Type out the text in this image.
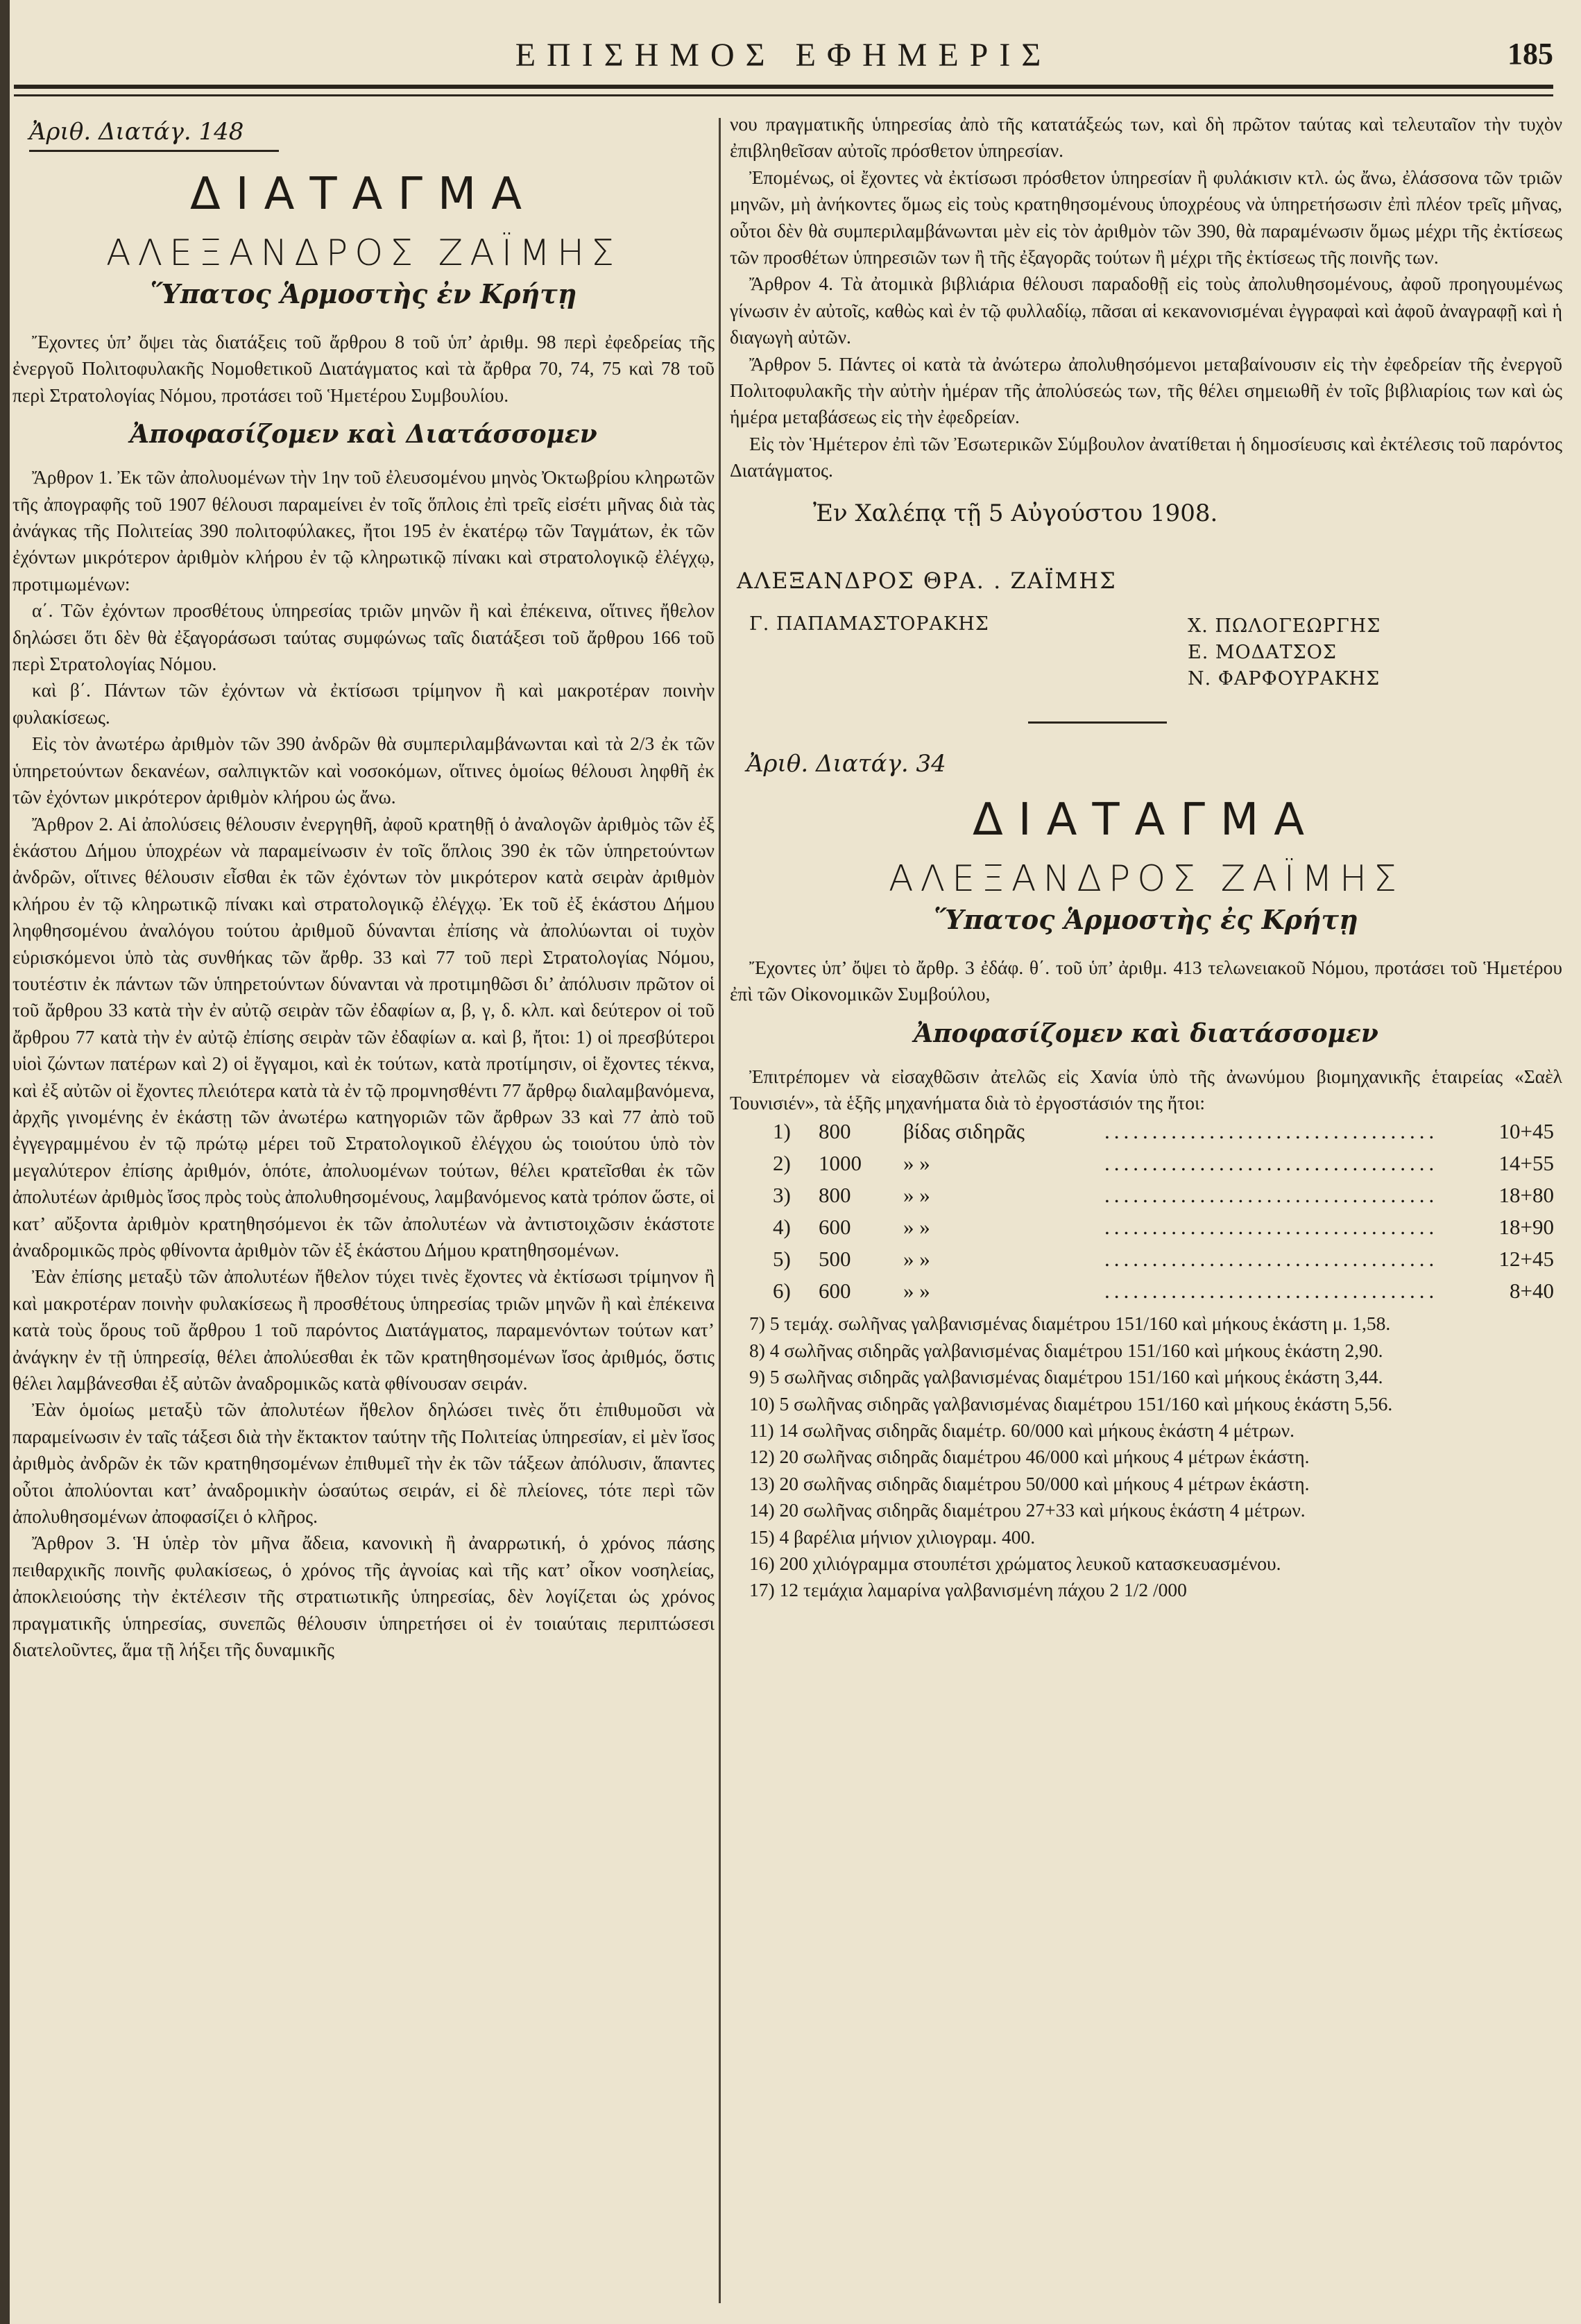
ΕΠΙΣΗΜΟΣ ΕΦΗΜΕΡΙΣ	185
Ἀριθ. Διατάγ. 148
ΔΙΑΤΑΓΜΑ
ΑΛΕΞΑΝΔΡΟΣ ΖΑΪΜΗΣ
Ὕπατος Ἁρμοστὴς ἐν Κρήτῃ

Ἔχοντες ὑπ’ ὄψει τὰς διατάξεις τοῦ ἄρθρου 8 τοῦ ὑπ’ ἀριθμ. 98 περὶ ἐφεδρείας τῆς ἐνεργοῦ Πολιτοφυλακῆς Νομοθετικοῦ Διατάγματος καὶ τὰ ἄρθρα 70, 74, 75 καὶ 78 τοῦ περὶ Στρατολογίας Νόμου, προτάσει τοῦ Ἡμετέρου Συμβουλίου.

Ἀποφασίζομεν καὶ Διατάσσομεν

Ἄρθρον 1. Ἐκ τῶν ἀπολυομένων τὴν 1ην τοῦ ἐλευσομένου μηνὸς Ὀκτωβρίου κληρωτῶν τῆς ἀπογραφῆς τοῦ 1907 θέλουσι παραμείνει ἐν τοῖς ὅπλοις ἐπὶ τρεῖς εἰσέτι μῆνας διὰ τὰς ἀνάγκας τῆς Πολιτείας 390 πολιτοφύλακες, ἤτοι 195 ἐν ἑκατέρῳ τῶν Ταγμάτων, ἐκ τῶν ἐχόντων μικρότερον ἀριθμὸν κλήρου ἐν τῷ κληρωτικῷ πίνακι καὶ στρατολογικῷ ἐλέγχῳ, προτιμωμένων:

α΄. Τῶν ἐχόντων προσθέτους ὑπηρεσίας τριῶν μηνῶν ἢ καὶ ἐπέκεινα, οἵτινες ἤθελον δηλώσει ὅτι δὲν θὰ ἐξαγοράσωσι ταύτας συμφώνως ταῖς διατάξεσι τοῦ ἄρθρου 166 τοῦ περὶ Στρατολογίας Νόμου.

καὶ β΄. Πάντων τῶν ἐχόντων νὰ ἐκτίσωσι τρίμηνον ἢ καὶ μακροτέραν ποινὴν φυλακίσεως.

Εἰς τὸν ἀνωτέρω ἀριθμὸν τῶν 390 ἀνδρῶν θὰ συμπεριλαμβάνωνται καὶ τὰ 2/3 ἐκ τῶν ὑπηρετούντων δεκανέων, σαλπιγκτῶν καὶ νοσοκόμων, οἵτινες ὁμοίως θέλουσι ληφθῆ ἐκ τῶν ἐχόντων μικρότερον ἀριθμὸν κλήρου ὡς ἄνω.

Ἄρθρον 2. Αἱ ἀπολύσεις θέλουσιν ἐνεργηθῆ, ἀφοῦ κρατηθῇ ὁ ἀναλογῶν ἀριθμὸς τῶν ἐξ ἑκάστου Δήμου ὑποχρέων νὰ παραμείνωσιν ἐν τοῖς ὅπλοις 390 ἐκ τῶν ὑπηρετούντων ἀνδρῶν, οἵτινες θέλουσιν εἶσθαι ἐκ τῶν ἐχόντων τὸν μικρότερον κατὰ σειρὰν ἀριθμὸν κλήρου ἐν τῷ κληρωτικῷ πίνακι καὶ στρατολογικῷ ἐλέγχῳ. Ἐκ τοῦ ἐξ ἑκάστου Δήμου ληφθησομένου ἀναλόγου τούτου ἀριθμοῦ δύνανται ἐπίσης νὰ ἀπολύωνται οἱ τυχὸν εὑρισκόμενοι ὑπὸ τὰς συνθήκας τῶν ἄρθρ. 33 καὶ 77 τοῦ περὶ Στρατολογίας Νόμου, τουτέστιν ἐκ πάντων τῶν ὑπηρετούντων δύνανται νὰ προτιμηθῶσι δι’ ἀπόλυσιν πρῶτον οἱ τοῦ ἄρθρου 33 κατὰ τὴν ἐν αὐτῷ σειρὰν τῶν ἐδαφίων α, β, γ, δ. κλπ. καὶ δεύτερον οἱ τοῦ ἄρθρου 77 κατὰ τὴν ἐν αὐτῷ ἐπίσης σειρὰν τῶν ἐδαφίων α. καὶ β, ἤτοι: 1) οἱ πρεσβύτεροι υἱοὶ ζώντων πατέρων καὶ 2) οἱ ἔγγαμοι, καὶ ἐκ τούτων, κατὰ προτίμησιν, οἱ ἔχοντες τέκνα, καὶ ἐξ αὐτῶν οἱ ἔχοντες πλειότερα κατὰ τὰ ἐν τῷ προμνησθέντι 77 ἄρθρῳ διαλαμβανόμενα, ἀρχῆς γινομένης ἐν ἑκάστῃ τῶν ἀνωτέρω κατηγοριῶν τῶν ἄρθρων 33 καὶ 77 ἀπὸ τοῦ ἐγγεγραμμένου ἐν τῷ πρώτῳ μέρει τοῦ Στρατολογικοῦ ἐλέγχου ὡς τοιούτου ὑπὸ τὸν μεγαλύτερον ἐπίσης ἀριθμόν, ὁπότε, ἀπολυομένων τούτων, θέλει κρατεῖσθαι ἐκ τῶν ἀπολυτέων ἀριθμὸς ἴσος πρὸς τοὺς ἀπολυθησομένους, λαμβανόμενος κατὰ τρόπον ὥστε, οἱ κατ’ αὔξοντα ἀριθμὸν κρατηθησόμενοι ἐκ τῶν ἀπολυτέων νὰ ἀντιστοιχῶσιν ἑκάστοτε ἀναδρομικῶς πρὸς φθίνοντα ἀριθμὸν τῶν ἐξ ἑκάστου Δήμου κρατηθησομένων.

Ἐὰν ἐπίσης μεταξὺ τῶν ἀπολυτέων ἤθελον τύχει τινὲς ἔχοντες νὰ ἐκτίσωσι τρίμηνον ἢ καὶ μακροτέραν ποινὴν φυλακίσεως ἢ προσθέτους ὑπηρεσίας τριῶν μηνῶν ἢ καὶ ἐπέκεινα κατὰ τοὺς ὅρους τοῦ ἄρθρου 1 τοῦ παρόντος Διατάγματος, παραμενόντων τούτων κατ’ ἀνάγκην ἐν τῇ ὑπηρεσίᾳ, θέλει ἀπολύεσθαι ἐκ τῶν κρατηθησομένων ἴσος ἀριθμός, ὅστις θέλει λαμβάνεσθαι ἐξ αὐτῶν ἀναδρομικῶς κατὰ φθίνουσαν σειράν.

Ἐὰν ὁμοίως μεταξὺ τῶν ἀπολυτέων ἤθελον δηλώσει τινὲς ὅτι ἐπιθυμοῦσι νὰ παραμείνωσιν ἐν ταῖς τάξεσι διὰ τὴν ἔκτακτον ταύτην τῆς Πολιτείας ὑπηρεσίαν, εἰ μὲν ἴσος ἀριθμὸς ἀνδρῶν ἐκ τῶν κρατηθησομένων ἐπιθυμεῖ τὴν ἐκ τῶν τάξεων ἀπόλυσιν, ἅπαντες οὗτοι ἀπολύονται κατ’ ἀναδρομικὴν ὡσαύτως σειράν, εἰ δὲ πλείονες, τότε περὶ τῶν ἀπολυθησομένων ἀποφασίζει ὁ κλῆρος.

Ἄρθρον 3. Ἡ ὑπὲρ τὸν μῆνα ἄδεια, κανονικὴ ἢ ἀναρρωτική, ὁ χρόνος πάσης πειθαρχικῆς ποινῆς φυλακίσεως, ὁ χρόνος τῆς ἀγνοίας καὶ τῆς κατ’ οἶκον νοσηλείας, ἀποκλειούσης τὴν ἐκτέλεσιν τῆς στρατιωτικῆς ὑπηρεσίας, δὲν λογίζεται ὡς χρόνος πραγματικῆς ὑπηρεσίας, συνεπῶς θέλουσιν ὑπηρετήσει οἱ ἐν τοιαύταις περιπτώσεσι διατελοῦντες, ἅμα τῇ λήξει τῆς δυναμικῆς

νου πραγματικῆς ὑπηρεσίας ἀπὸ τῆς κατατάξεώς των, καὶ δὴ πρῶτον ταύτας καὶ τελευταῖον τὴν τυχὸν ἐπιβληθεῖσαν αὐτοῖς πρόσθετον ὑπηρεσίαν.

Ἐπομένως, οἱ ἔχοντες νὰ ἐκτίσωσι πρόσθετον ὑπηρεσίαν ἢ φυλάκισιν κτλ. ὡς ἄνω, ἐλάσσονα τῶν τριῶν μηνῶν, μὴ ἀνήκοντες ὅμως εἰς τοὺς κρατηθησομένους ὑποχρέους νὰ ὑπηρετήσωσιν ἐπὶ πλέον τρεῖς μῆνας, οὗτοι δὲν θὰ συμπεριλαμβάνωνται μὲν εἰς τὸν ἀριθμὸν τῶν 390, θὰ παραμένωσιν ὅμως μέχρι τῆς ἐκτίσεως τῶν προσθέτων ὑπηρεσιῶν των ἢ τῆς ἐξαγορᾶς τούτων ἢ μέχρι τῆς ἐκτίσεως τῆς ποινῆς των.

Ἄρθρον 4. Τὰ ἀτομικὰ βιβλιάρια θέλουσι παραδοθῇ εἰς τοὺς ἀπολυθησομένους, ἀφοῦ προηγουμένως γίνωσιν ἐν αὐτοῖς, καθὼς καὶ ἐν τῷ φυλλαδίῳ, πᾶσαι αἱ κεκανονισμέναι ἐγγραφαὶ καὶ ἀφοῦ ἀναγραφῇ καὶ ἡ διαγωγὴ αὐτῶν.

Ἄρθρον 5. Πάντες οἱ κατὰ τὰ ἀνώτερω ἀπολυθησόμενοι μεταβαίνουσιν εἰς τὴν ἐφεδρείαν τῆς ἐνεργοῦ Πολιτοφυλακῆς τὴν αὐτὴν ἡμέραν τῆς ἀπολύσεώς των, τῆς θέλει σημειωθῆ ἐν τοῖς βιβλιαρίοις των καὶ ὡς ἡμέρα μεταβάσεως εἰς τὴν ἐφεδρείαν.

Εἰς τὸν Ἡμέτερον ἐπὶ τῶν Ἐσωτερικῶν Σύμβουλον ἀνατίθεται ἡ δημοσίευσις καὶ ἐκτέλεσις τοῦ παρόντος Διατάγματος.

Ἐν Χαλέπᾳ τῇ 5 Αὐγούστου 1908.
ΑΛΕΞΑΝΔΡΟΣ ΘΡΑ. . ΖΑΪΜΗΣ
Γ. ΠΑΠΑΜΑΣΤΟΡΑΚΗΣ	Χ. ΠΩΛΟΓΕΩΡΓΗΣ
Ε. ΜΟΔΑΤΣΟΣ
Ν. ΦΑΡΦΟΥΡΑΚΗΣ
Ἀριθ. Διατάγ. 34
ΔΙΑΤΑΓΜΑ
ΑΛΕΞΑΝΔΡΟΣ ΖΑΪΜΗΣ
Ὕπατος Ἁρμοστὴς ἐς Κρήτῃ

Ἔχοντες ὑπ’ ὄψει τὸ ἄρθρ. 3 ἐδάφ. θ΄. τοῦ ὑπ’ ἀριθμ. 413 τελωνειακοῦ Νόμου, προτάσει τοῦ Ἡμετέρου ἐπὶ τῶν Οἰκονομικῶν Συμβούλου,

Ἀποφασίζομεν καὶ διατάσσομεν

Ἐπιτρέπομεν νὰ εἰσαχθῶσιν ἀτελῶς εἰς Χανία ὑπὸ τῆς ἀνωνύμου βιομηχανικῆς ἑταιρείας «Σαὲλ Τουνισιέν», τὰ ἑξῆς μηχανήματα διὰ τὸ ἐργοστάσιόν της ἤτοι:

1) 800 βίδας σιδηρᾶς	...................................	10+45
2) 1000 » »	...................................	14+55
3) 800 » »	...................................	18+80
4) 600 » »	...................................	18+90
5) 500 » »	...................................	12+45
6) 600 » »	...................................	8+40

7) 5 τεμάχ. σωλῆνας γαλβανισμένας διαμέτρου 151/160 καὶ μήκους ἑκάστη μ. 1,58.

8) 4 σωλῆνας σιδηρᾶς γαλβανισμένας διαμέτρου 151/160 καὶ μήκους ἑκάστη 2,90.

9) 5 σωλῆνας σιδηρᾶς γαλβανισμένας διαμέτρου 151/160 καὶ μήκους ἑκάστη 3,44.

10) 5 σωλῆνας σιδηρᾶς γαλβανισμένας διαμέτρου 151/160 καὶ μήκους ἑκάστη 5,56.

11) 14 σωλῆνας σιδηρᾶς διαμέτρ. 60/000 καὶ μήκους ἑκάστη 4 μέτρων.

12) 20 σωλῆνας σιδηρᾶς διαμέτρου 46/000 καὶ μήκους 4 μέτρων ἑκάστη.

13) 20 σωλῆνας σιδηρᾶς διαμέτρου 50/000 καὶ μήκους 4 μέτρων ἑκάστη.

14) 20 σωλῆνας σιδηρᾶς διαμέτρου 27+33 καὶ μήκους ἑκάστη 4 μέτρων.

15) 4 βαρέλια μήνιον χιλιογραμ. 400.

16) 200 χιλιόγραμμα στουπέτσι χρώματος λευκοῦ κατασκευασμένου.

17) 12 τεμάχια λαμαρίνα γαλβανισμένη πάχου 2 1/2 /000
